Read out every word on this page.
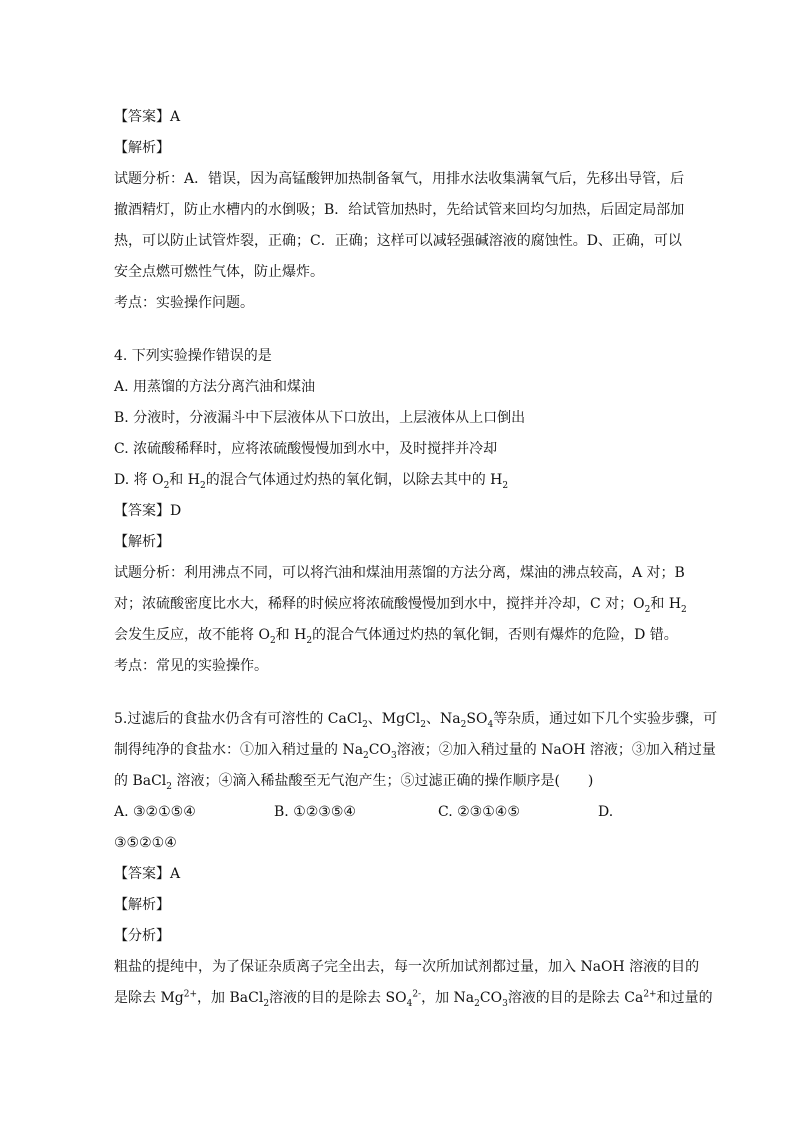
【答案】A
【解析】
试题分析：A．错误，因为高锰酸钾加热制备氧气，用排水法收集满氧气后，先移出导管，后
撤酒精灯，防止水槽内的水倒吸；B．给试管加热时，先给试管来回均匀加热，后固定局部加
热，可以防止试管炸裂，正确；C．正确；这样可以减轻强碱溶液的腐蚀性。D、正确，可以
安全点燃可燃性气体，防止爆炸。
考点：实验操作问题。
4. 下列实验操作错误的是
A. 用蒸馏的方法分离汽油和煤油
B. 分液时，分液漏斗中下层液体从下口放出，上层液体从上口倒出
C. 浓硫酸稀释时，应将浓硫酸慢慢加到水中，及时搅拌并冷却
D. 将 $O_2$和 $H_2$的混合气体通过灼热的氧化铜，以除去其中的 $H_2$
【答案】D
【解析】
试题分析：利用沸点不同，可以将汽油和煤油用蒸馏的方法分离，煤油的沸点较高，A 对；B
对；浓硫酸密度比水大，稀释的时候应将浓硫酸慢慢加到水中，搅拌并冷却，C 对；$O_2$和 $H_2$
会发生反应，故不能将 $O_2$和 $H_2$的混合气体通过灼热的氧化铜，否则有爆炸的危险，D 错。
考点：常见的实验操作。
5.过滤后的食盐水仍含有可溶性的 CaCl$_2$、MgCl$_2$、$Na_2SO_4$等杂质，通过如下几个实验步骤，可
制得纯净的食盐水：①加入稍过量的 $Na_2CO_3$溶液；②加入稍过量的 NaOH 溶液；③加入稍过量
的 BaCl$_2$ 溶液；④滴入稀盐酸至无气泡产生；⑤过滤正确的操作顺序是(　　)
A. ③②①⑤④	B. ①②③⑤④	C. ②③①④⑤	D.
③⑤②①④
【答案】A
【解析】
【分析】
粗盐的提纯中，为了保证杂质离子完全出去，每一次所加试剂都过量，加入 NaOH 溶液的目的
是除去 $Mg^{2+}$，加 BaCl$_2$溶液的目的是除去 $SO_4^{2-}$，加 $Na_2CO_3$溶液的目的是除去 $Ca^{2+}$和过量的
